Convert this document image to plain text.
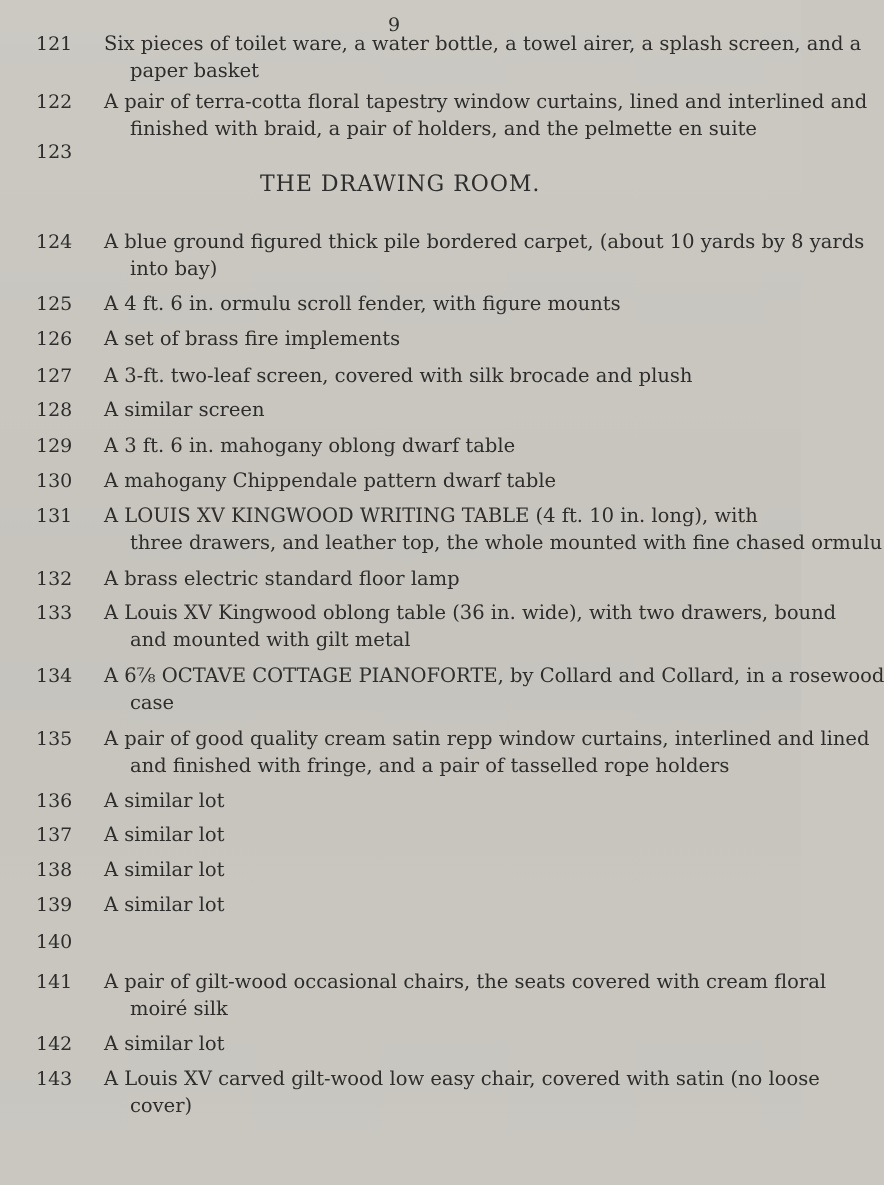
9
THE DRAWING ROOM.
121	Six pieces of toilet ware, a water bottle, a towel airer, a splash screen, and a
paper basket
122	A pair of terra-cotta floral tapestry window curtains, lined and interlined and
finished with braid, a pair of holders, and the pelmette en suite
123
124	A blue ground figured thick pile bordered carpet, (about 10 yards by 8 yards
into bay)
125	A 4 ft. 6 in. ormulu scroll fender, with figure mounts
126	A set of brass fire implements
127	A 3-ft. two-leaf screen, covered with silk brocade and plush
128	A similar screen
129	A 3 ft. 6 in. mahogany oblong dwarf table
130	A mahogany Chippendale pattern dwarf table
131	A LOUIS XV KINGWOOD WRITING TABLE (4 ft. 10 in. long), with
three drawers, and leather top, the whole mounted with fine chased ormulu
132	A brass electric standard floor lamp
133	A Louis XV Kingwood oblong table (36 in. wide), with two drawers, bound
and mounted with gilt metal
134	A 6⅞ OCTAVE COTTAGE PIANOFORTE, by Collard and Collard, in a rosewood
case
135	A pair of good quality cream satin repp window curtains, interlined and lined
and finished with fringe, and a pair of tasselled rope holders
136	A similar lot
137	A similar lot
138	A similar lot
139	A similar lot
140
141	A pair of gilt-wood occasional chairs, the seats covered with cream floral
moiré silk
142	A similar lot
143	A Louis XV carved gilt-wood low easy chair, covered with satin (no loose
cover)
